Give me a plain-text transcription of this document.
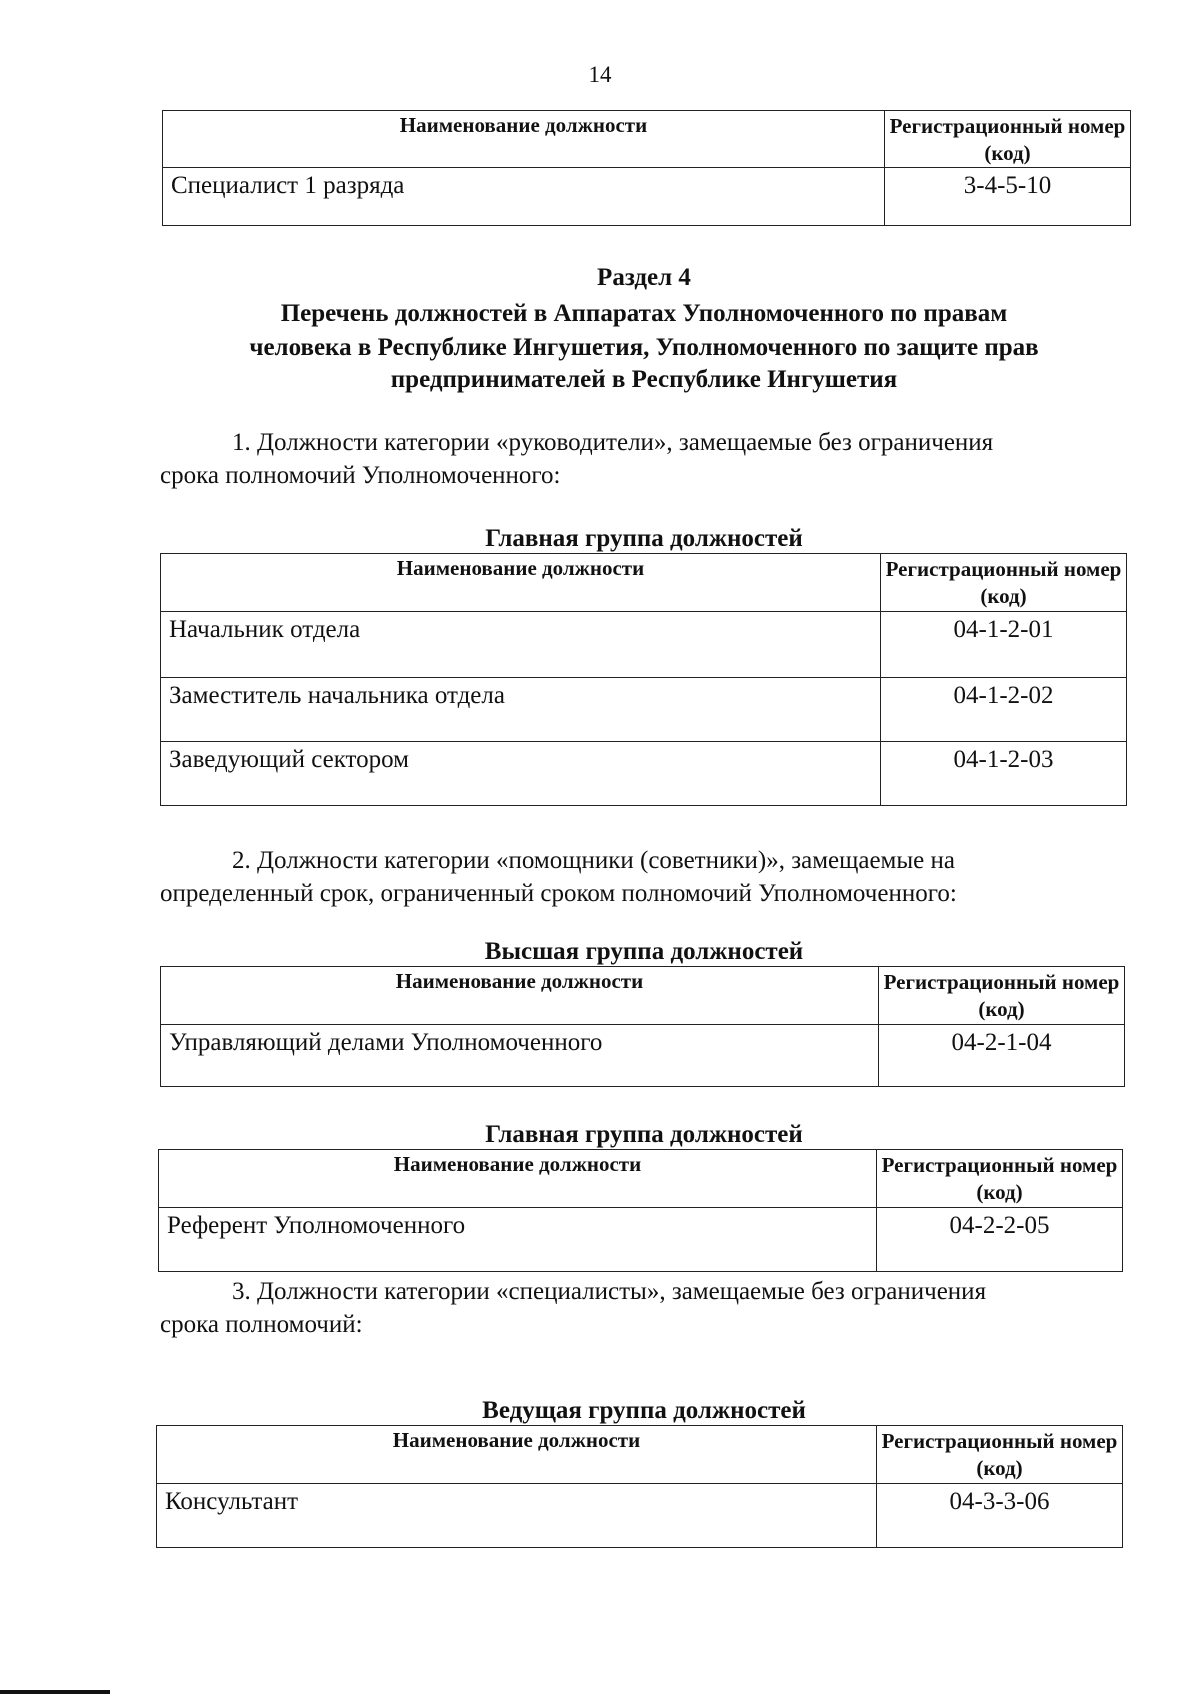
14
Наименование должности	Регистрационный номер (код)
Специалист 1 разряда	3-4-5-10
Раздел 4
Перечень должностей в Аппаратах Уполномоченного по правам
человека в Республике Ингушетия, Уполномоченного по защите прав
предпринимателей в Республике Ингушетия
1. Должности категории «руководители», замещаемые без ограничения
срока полномочий Уполномоченного:
Главная группа должностей
Наименование должности	Регистрационный номер (код)
Начальник отдела	04-1-2-01
Заместитель начальника отдела	04-1-2-02
Заведующий сектором	04-1-2-03
2. Должности категории «помощники (советники)», замещаемые на
определенный срок, ограниченный сроком полномочий Уполномоченного:
Высшая группа должностей
Наименование должности	Регистрационный номер (код)
Управляющий делами Уполномоченного	04-2-1-04
Главная группа должностей
Наименование должности	Регистрационный номер (код)
Референт Уполномоченного	04-2-2-05
3. Должности категории «специалисты», замещаемые без ограничения
срока полномочий:
Ведущая группа должностей
Наименование должности	Регистрационный номер (код)
Консультант	04-3-3-06
